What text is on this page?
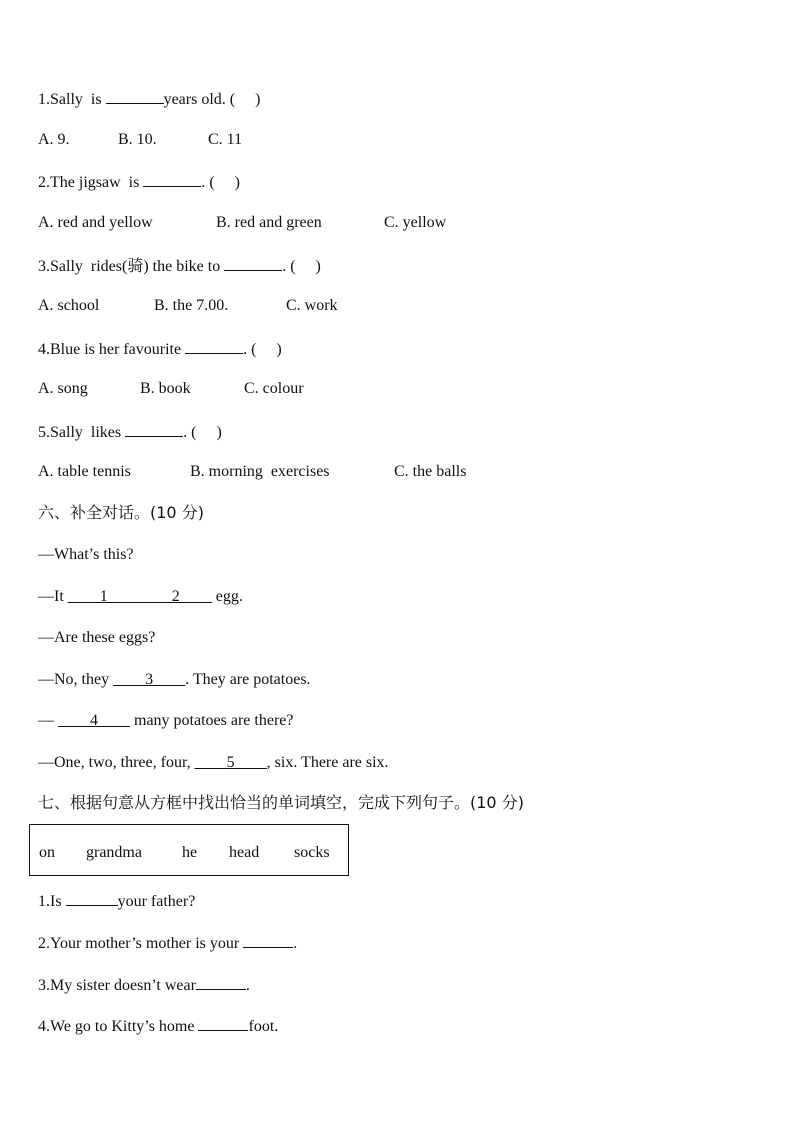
1.Sally  is	years old. (     )
A. 9.	B. 10.	C. 11
2.The jigsaw  is	. (     )
A. red and yellow	B. red and green	C. yellow
3.Sally  rides(骑) the bike to	. (     )
A. school	B. the 7.00.	C. work
4.Blue is her favourite	. (     )
A. song	B. book	C. colour
5.Sally  likes	. (     )
A. table tennis	B. morning  exercises	C. the balls
六、补全对话。(10 分)
—What’s this?
—It ____1________2____ egg.
—Are these eggs?
—No, they ____3____. They are potatoes.
— ____4____ many potatoes are there?
—One, two, three, four, ____5____, six. There are six.
七、根据句意从方框中找出恰当的单词填空，完成下列句子。(10 分)
on grandma	he head socks
1.Is	your father?
2.Your mother’s mother is your	.
3.My sister doesn’t wear	.
4.We go to Kitty’s home	foot.
